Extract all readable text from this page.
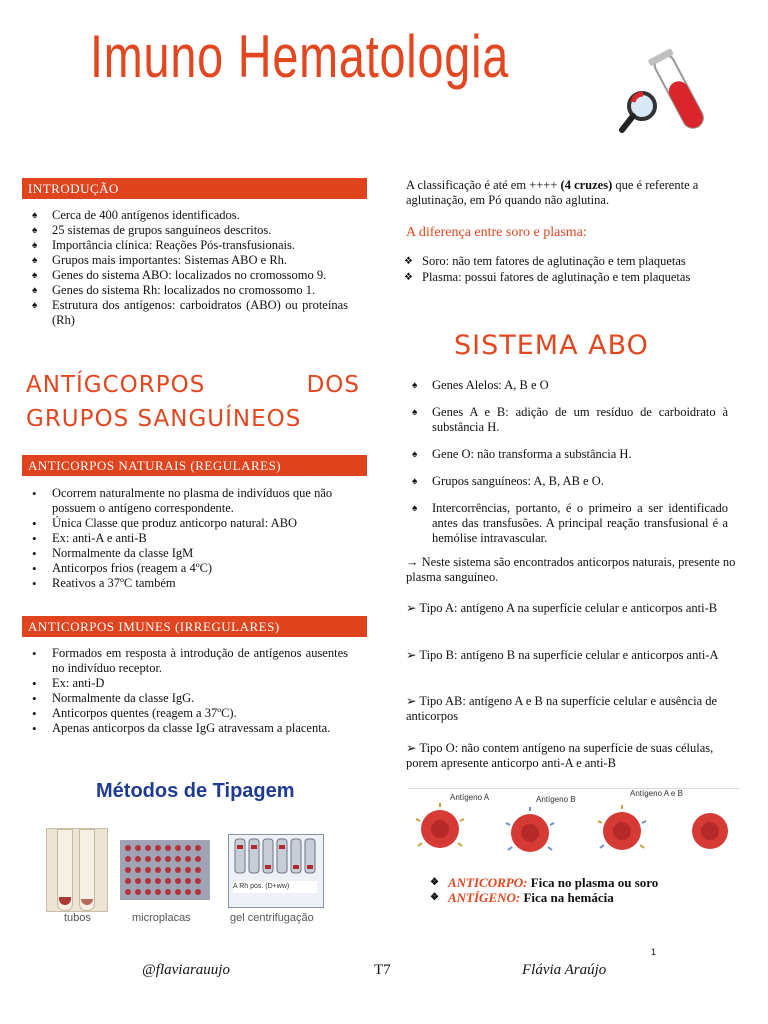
Imuno Hematologia
INTRODUÇÃO
♠ Cerca de 400 antígenos identificados.
♠ 25 sistemas de grupos sanguíneos descritos.
♠ Importância clínica: Reações Pós-transfusionais.
♠ Grupos mais importantes: Sistemas ABO e Rh.
♠ Genes do sistema ABO: localizados no cromossomo 9.
♠ Genes do sistema Rh: localizados no cromossomo 1.
♠ Estrutura dos antígenos: carboidratos (ABO) ou proteínas (Rh)
ANTÍGCORPOS	DOS
GRUPOS SANGUÍNEOS
ANTICORPOS NATURAIS (REGULARES)
• Ocorrem naturalmente no plasma de indivíduos que não possuem o antígeno correspondente.
• Única Classe que produz anticorpo natural: ABO
• Ex: anti-A e anti-B
• Normalmente da classe IgM
• Anticorpos frios (reagem a 4ºC)
• Reativos a 37ºC também
ANTICORPOS IMUNES (IRREGULARES)
• Formados em resposta à introdução de antígenos ausentes no indivíduo receptor.
• Ex: anti-D
• Normalmente da classe IgG.
• Anticorpos quentes (reagem a 37ºC).
• Apenas anticorpos da classe IgG atravessam a placenta.
Métodos de Tipagem
A Rh pos. (D+ww)
tubos	microplacas	gel centrifugação

A classificação é até em ++++ (4 cruzes) que é referente a aglutinação, em Pó quando não aglutina.

A diferença entre soro e plasma:
❖ Soro: não tem fatores de aglutinação e tem plaquetas
❖ Plasma: possui fatores de aglutinação e tem plaquetas
SISTEMA ABO
♠ Genes Alelos: A, B e O
♠ Genes A e B: adição de um resíduo de carboidrato à substância H.
♠ Gene O: não transforma a substância H.
♠ Grupos sanguíneos: A, B, AB e O.
♠ Intercorrências, portanto, é o primeiro a ser identificado antes das transfusões. A principal reação transfusional é a hemólise intravascular.

→ Neste sistema são encontrados anticorpos naturais, presente no plasma sanguíneo.

➢ Tipo A: antígeno A na superfície celular e anticorpos anti-B

➢ Tipo B: antígeno B na superfície celular e anticorpos anti-A

➢ Tipo AB: antígeno A e B na superfície celular e ausência de anticorpos

➢ Tipo O: não contem antígeno na superfície de suas células, porem apresente anticorpo anti-A e anti-B

Antígeno A	Antígeno B
Antígeno A e B
❖ ANTICORPO: Fica no plasma ou soro
❖ ANTÍGENO: Fica na hemácia
1
@flaviarauujo	T7	Flávia Araújo
